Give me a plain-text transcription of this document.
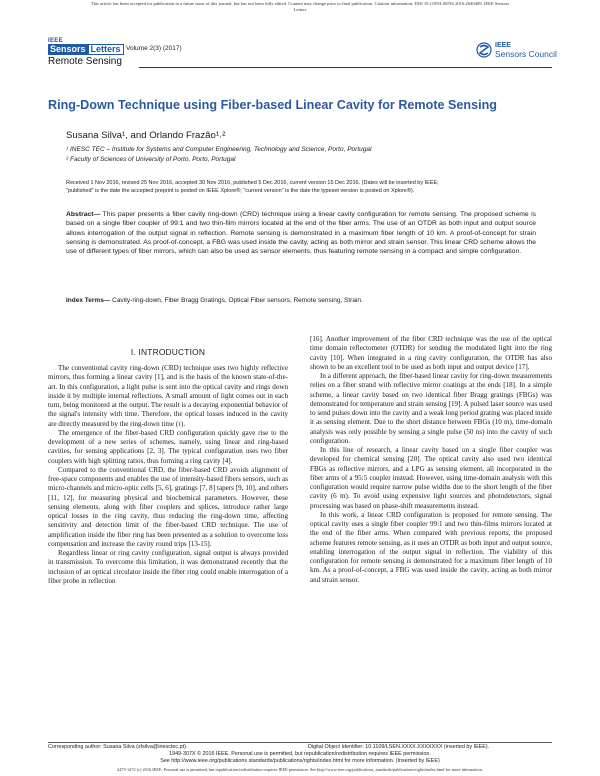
This article has been accepted for publication in a future issue of this journal, but has not been fully edited. Content may change prior to final publication. Citation information: DOI 10.1109/LSENS.2016.2640409, IEEE Sensors Letters
IEEE
Sensors Letters Volume 2(3) (2017)
Remote Sensing
IEEE
Sensors Council
Ring-Down Technique using Fiber-based Linear Cavity for Remote Sensing
Susana Silva¹, and Orlando Frazão¹˒²
¹ INESC TEC – Institute for Systems and Computer Engineering, Technology and Science, Porto, Portugal
² Faculty of Sciences of University of Porto, Porto, Portugal
Received 1 Nov 2016, revised 25 Nov 2016, accepted 30 Nov 2016, published 5 Dec 2016, current version 15 Dec 2016. (Dates will be inserted by IEEE;
"published" is the date the accepted preprint is posted on IEEE Xplore®; "current version" is the date the typeset version is posted on Xplore®).
Abstract— This paper presents a fiber cavity ring-down (CRD) technique using a linear cavity configuration for remote sensing. The proposed scheme is based on a single fiber coupler of 99:1 and two thin-film mirrors located at the end of the fiber arms. The use of an OTDR as both input and output source allows interrogation of the output signal in reflection. Remote sensing is demonstrated in a maximum fiber length of 10 km. A proof-of-concept for strain sensing is demonstrated. As proof-of-concept, a FBG was used inside the cavity, acting as both mirror and strain sensor. This linear CRD scheme allows the use of different types of fiber mirrors, which can also be used as sensor elements, thus featuring remote sensing in a compact and simple configuration.
Index Terms— Cavity-ring-down, Fiber Bragg Gratings, Optical Fiber sensors, Remote sensing, Strain.
I. INTRODUCTION

The conventional cavity ring-down (CRD) technique uses two highly reflective mirrors, thus forming a linear cavity [1], and is the basis of the known state-of-the-art. In this configuration, a light pulse is sent into the optical cavity and rings down inside it by multiple internal reflections. A small amount of light comes out in each turn, being monitored at the output. The result is a decaying exponential behavior of the signal's intensity with time. Therefore, the optical losses induced in the cavity are directly measured by the ring-down time (τ).

The emergence of the fiber-based CRD configuration quickly gave rise to the development of a new series of schemes, namely, using linear and ring-based cavities, for sensing applications [2, 3]. The typical configuration uses two fiber couplers with high splitting ratios, thus forming a ring cavity [4].

Compared to the conventional CRD, the fiber-based CRD avoids alignment of free-space components and enables the use of intensity-based fibers sensors, such as micro-channels and micro-optic cells [5, 6], gratings [7, 8] tapers [9, 10], and others [11, 12], for measuring physical and biochemical parameters. However, these sensing elements, along with fiber couplers and splices, introduce rather large optical losses in the ring cavity, thus reducing the ring-down time, affecting sensitivity and detection limit of the fiber-based CRD technique. The use of amplification inside the fiber ring has been presented as a solution to overcome loss compensation and increase the cavity round trips [13-15].

Regardless linear or ring cavity configuration, signal output is always provided in transmission. To overcome this limitation, it was demonstrated recently that the inclusion of an optical circulator inside the fiber ring could enable interrogation of a fiber probe in reflection

[16]. Another improvement of the fiber CRD technique was the use of the optical time domain reflectometer (OTDR) for sending the modulated light into the ring cavity [10]. When integrated in a ring cavity configuration, the OTDR has also shown to be an excellent tool to be used as both input and output device [17].

In a different approach, the fiber-based linear cavity for ring-down measurements relies on a fiber strand with reflective mirror coatings at the ends [18]. In a simple scheme, a linear cavity based on two identical fiber Bragg gratings (FBGs) was demonstrated for temperature and strain sensing [19]. A pulsed laser source was used to send pulses down into the cavity and a weak long period grating was placed inside it as sensing element. Due to the short distance between FBGs (10 m), time-domain analysis was only possible by sensing a single pulse (50 ns) into the cavity of such configuration.

In this line of research, a linear cavity based on a single fiber coupler was developed for chemical sensing [20]. The optical cavity also used two identical FBGs as reflective mirrors, and a LPG as sensing element, all incorporated in the fiber arms of a 95:5 coupler instead. However, using time-domain analysis with this configuration would require narrow pulse widths due to the short length of the fiber cavity (6 m). To avoid using expensive light sources and photodetectors, signal processing was based on phase-shift measurements instead.

In this work, a linear CRD configuration is proposed for remote sensing. The optical cavity uses a single fiber coupler 99:1 and two thin-films mirrors located at the end of the fiber arms. When compared with previous reports, the proposed scheme features remote sensing, as it uses an OTDR as both input and output source, enabling interrogation of the output signal in reflection. The viability of this configuration for remote sensing is demonstrated for a maximum fiber length of 10 km. As a proof-of-concept, a FBG was used inside the cavity, acting as both mirror and strain sensor.

Corresponding author: Susana Silva (sfsilva@inesctec.pt).	Digital Object Identifier: 10.1109/LSEN.XXXX.XXXXXXX (inserted by IEEE).
1949-307X © 2016 IEEE. Personal use is permitted, but republication/redistribution requires IEEE permission.
See http://www.ieee.org/publications standards/publications/rights/index.html for more information. (Inserted by IEEE)
2475-1472 (c) 2016 IEEE. Personal use is permitted, but republication/redistribution requires IEEE permission. See http://www.ieee.org/publications_standards/publications/rights/index.html for more information.
